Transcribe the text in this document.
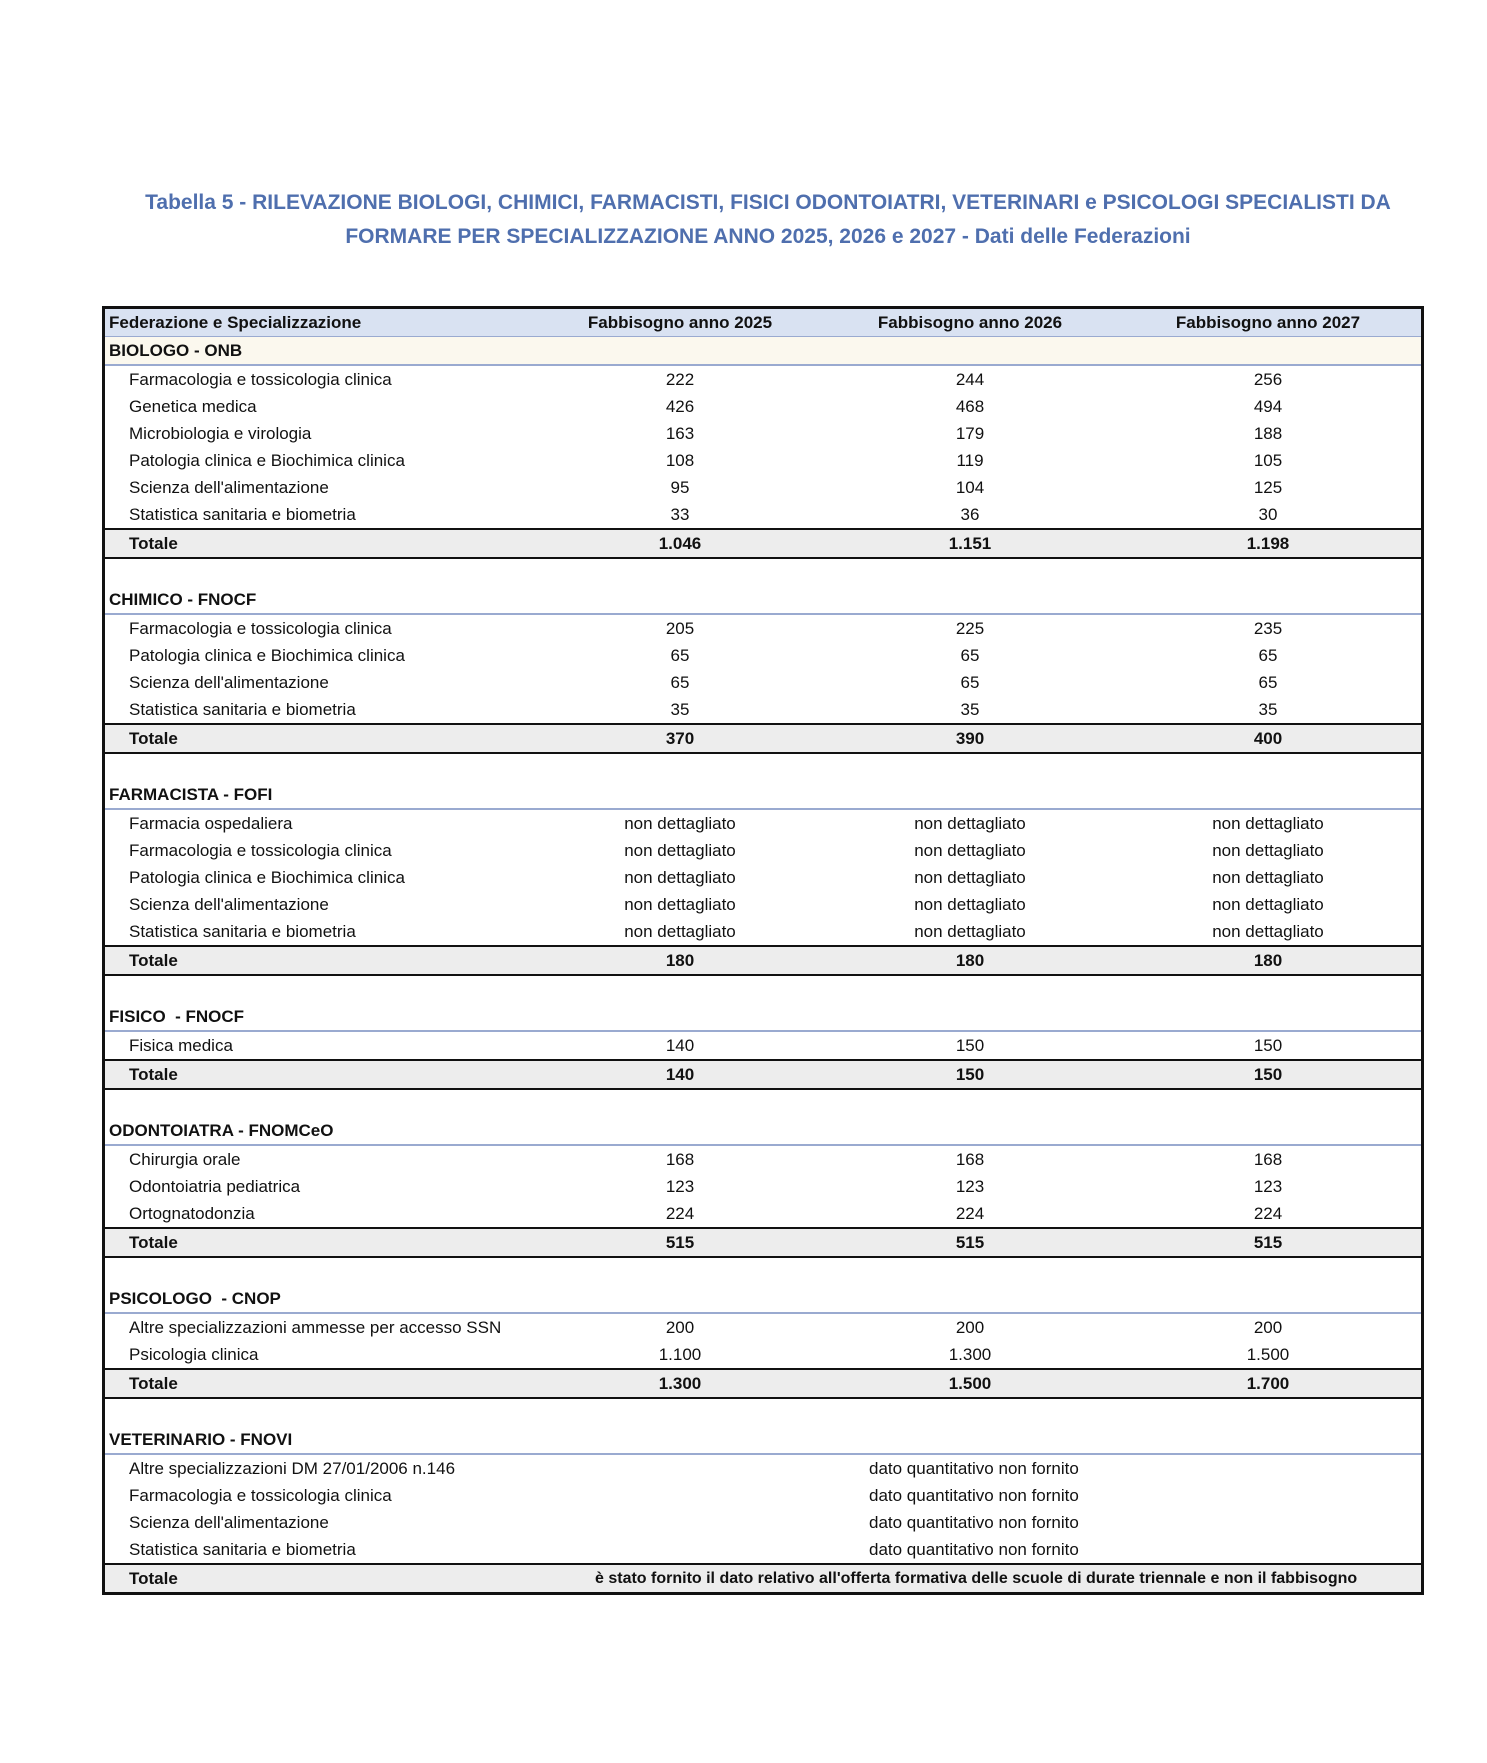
Tabella 5 - RILEVAZIONE BIOLOGI, CHIMICI, FARMACISTI, FISICI ODONTOIATRI, VETERINARI e PSICOLOGI SPECIALISTI DA
FORMARE PER SPECIALIZZAZIONE ANNO 2025, 2026 e 2027 - Dati delle Federazioni
Federazione e Specializzazione	Fabbisogno anno 2025	Fabbisogno anno 2026	Fabbisogno anno 2027
BIOLOGO - ONB			
Farmacologia e tossicologia clinica	222	244	256
Genetica medica	426	468	494
Microbiologia e virologia	163	179	188
Patologia clinica e Biochimica clinica	108	119	105
Scienza dell'alimentazione	95	104	125
Statistica sanitaria e biometria	33	36	30
Totale	1.046	1.151	1.198

CHIMICO - FNOCF			
Farmacologia e tossicologia clinica	205	225	235
Patologia clinica e Biochimica clinica	65	65	65
Scienza dell'alimentazione	65	65	65
Statistica sanitaria e biometria	35	35	35
Totale	370	390	400

FARMACISTA - FOFI			
Farmacia ospedaliera	non dettagliato	non dettagliato	non dettagliato
Farmacologia e tossicologia clinica	non dettagliato	non dettagliato	non dettagliato
Patologia clinica e Biochimica clinica	non dettagliato	non dettagliato	non dettagliato
Scienza dell'alimentazione	non dettagliato	non dettagliato	non dettagliato
Statistica sanitaria e biometria	non dettagliato	non dettagliato	non dettagliato
Totale	180	180	180

FISICO  - FNOCF			
Fisica medica	140	150	150
Totale	140	150	150

ODONTOIATRA - FNOMCeO			
Chirurgia orale	168	168	168
Odontoiatria pediatrica	123	123	123
Ortognatodonzia	224	224	224
Totale	515	515	515

PSICOLOGO  - CNOP			
Altre specializzazioni ammesse per accesso SSN	200	200	200
Psicologia clinica	1.100	1.300	1.500
Totale	1.300	1.500	1.700

VETERINARIO - FNOVI			
Altre specializzazioni DM 27/01/2006 n.146	dato quantitativo non fornito		
Farmacologia e tossicologia clinica	dato quantitativo non fornito		
Scienza dell'alimentazione	dato quantitativo non fornito		
Statistica sanitaria e biometria	dato quantitativo non fornito		
Totale	è stato fornito il dato relativo all'offerta formativa delle scuole di durate triennale e non il fabbisogno		
